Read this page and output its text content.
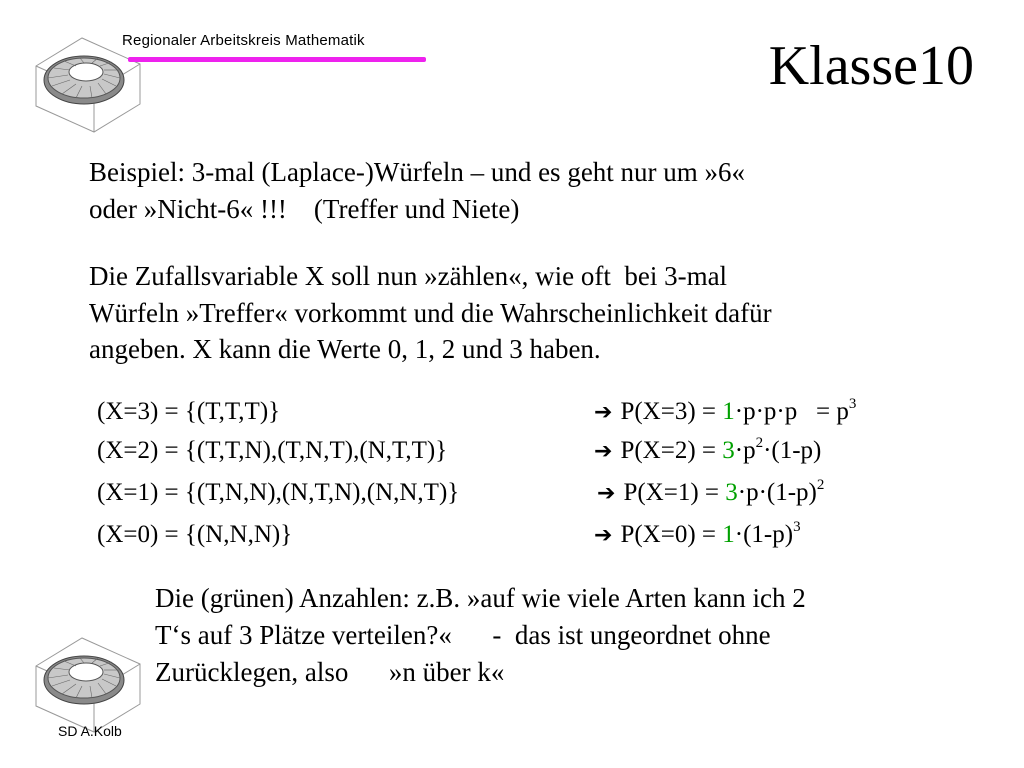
Regionaler Arbeitskreis Mathematik	Klasse10
Beispiel: 3-mal (Laplace-)Würfeln – und es geht nur um »6«
oder »Nicht-6« !!!    (Treffer und Niete)
Die Zufallsvariable X soll nun »zählen«, wie oft  bei 3-mal
Würfeln »Treffer« vorkommt und die Wahrscheinlichkeit dafür
angeben. X kann die Werte 0, 1, 2 und 3 haben.
(X=3) = {(T,T,T)}	➔ $P(X=3) = 1\cdot p\cdot p\cdot p = p^3$
(X=2) = {(T,T,N),(T,N,T),(N,T,T)}	➔ $P(X=2) = 3\cdot p^2\cdot(1-p)$
(X=1) = {(T,N,N),(N,T,N),(N,N,T)}	➔ $P(X=1) = 3\cdot p\cdot(1-p)^2$
(X=0) = {(N,N,N)}	➔ $P(X=0) = 1\cdot(1-p)^3$
Die (grünen) Anzahlen: z.B. »auf wie viele Arten kann ich 2
T‘s auf 3 Plätze verteilen?«      -  das ist ungeordnet ohne
Zurücklegen, also      »n über k«
SD A.Kolb
